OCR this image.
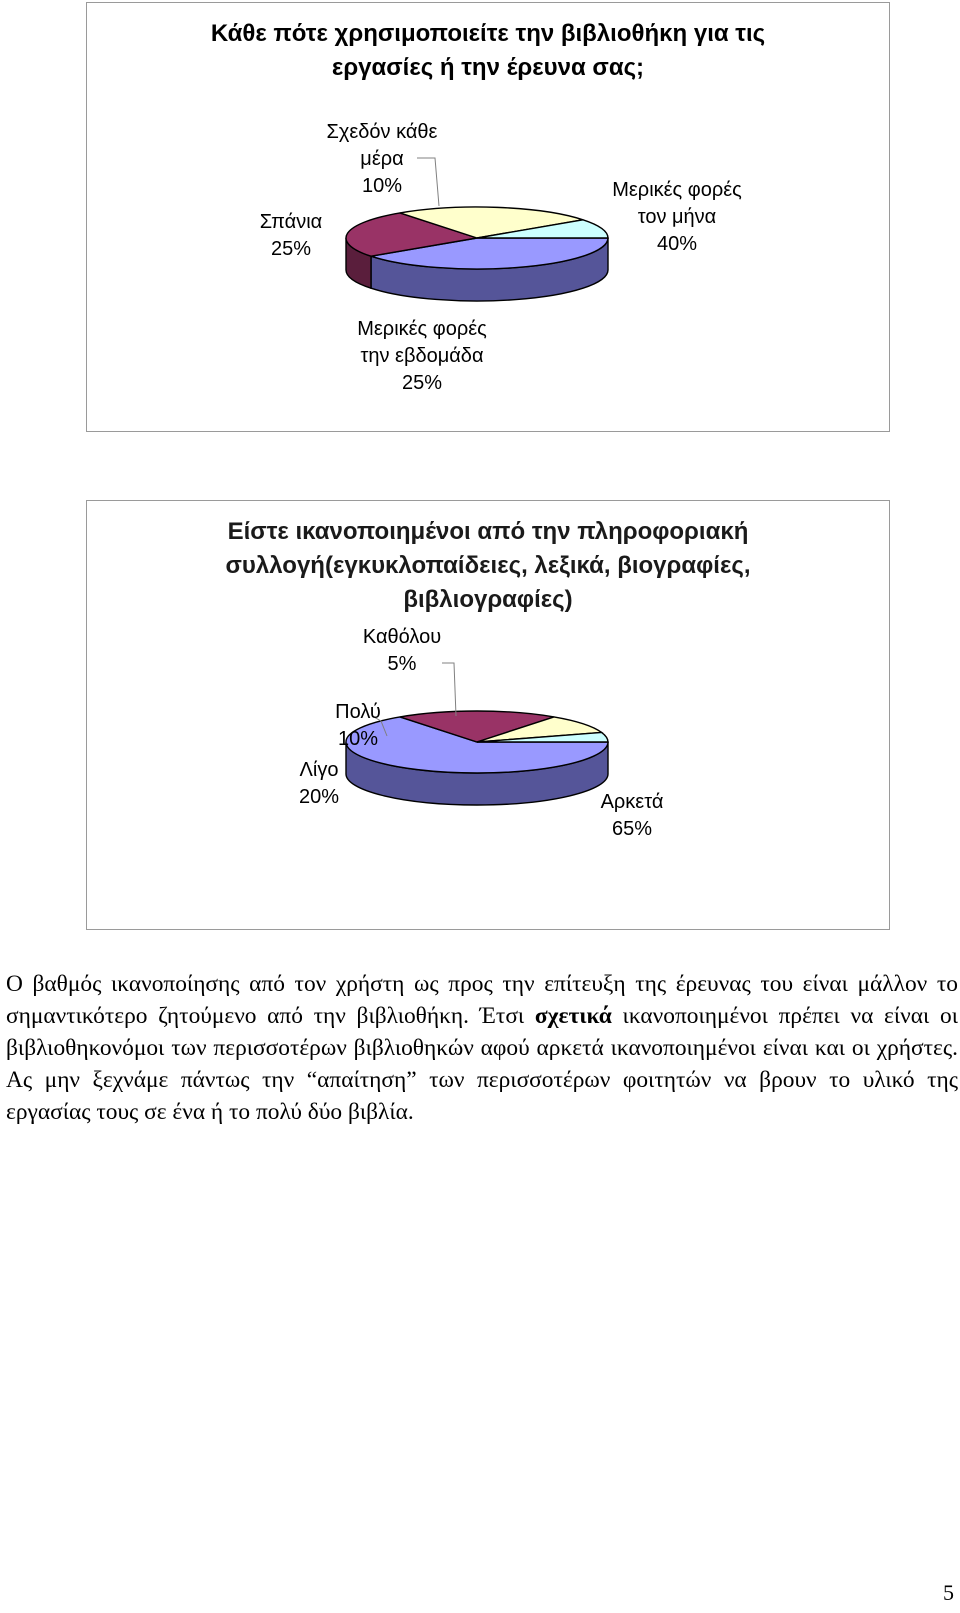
Κάθε πότε χρησιμοποιείτε την βιβλιοθήκη για τις
εργασίες ή την έρευνα σας;
Μερικές φορές τον μήνα 40%
Μερικές φορές την εβδομάδα 25%
Σπάνια 25%
Σχεδόν κάθε μέρα 10%
Είστε ικανοποιημένοι από την πληροφοριακή
συλλογή(εγκυκλοπαίδειες, λεξικά, βιογραφίες,
βιβλιογραφίες)
Αρκετά 65%
Λίγο 20%
Πολύ 10%
Καθόλου 5%

Ο βαθμός ικανοποίησης από τον χρήστη ως προς την επίτευξη της έρευνας του είναι μάλλον το σημαντικότερο ζητούμενο από την βιβλιοθήκη. Έτσι σχετικά ικανοποιημένοι πρέπει να είναι οι βιβλιοθηκονόμοι των περισσοτέρων βιβλιοθηκών αφού αρκετά ικανοποιημένοι είναι και οι χρήστες. Ας μην ξεχνάμε πάντως την “απαίτηση” των περισσοτέρων φοιτητών να βρουν το υλικό της εργασίας τους σε ένα ή το πολύ δύο βιβλία.

5
